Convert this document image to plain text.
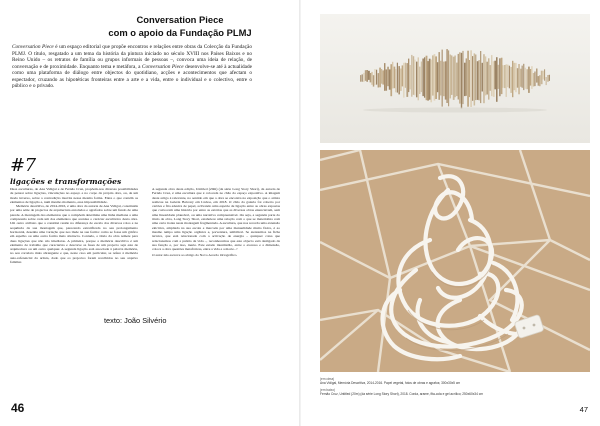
Conversation Piece
com o apoio da Fundação PLMJ
Conversation Piece é um espaço editorial que propõe encontros e relações entre obras da Colecção da Fundação PLMJ. O título, resgatado a um tema da história da pintura iniciado no século XVIII nos Países Baixos e no Reino Unido – os retratos de família ou grupos informais de pessoas –, convoca uma ideia de relação, de conversação e de proximidade. Enquanto tema e metáfora, a Conversation Piece desenvolve-se até à actualidade como uma plataforma de diálogo entre objectos do quotidiano, acções e acontecimentos que afectam o espectador, cruzando as hipotéticas fronteiras entre a arte e a vida, entre o individual e o colectivo, entre o público e o privado.
#7
ligações e transformações

Duas esculturas, de Ana Vidigal e de Fernão Cruz, propõem-nos diversas possibilidades de pensar sobre ligações, vinculações no espaço e no corpo da própria obra, ou, de um modo inverso, sobre a contradição inscrita nessa mesma forma. Entre o que contém os elementos de ligação e, num mesmo momento, essa impossibilidade.

Memória descritiva, de 2014-2016, é uma obra da autoria de Ana Vidigal, constituída por uma série de projectos de arquitectura enrolados e agrafados sobre um fundo de uma parede. A montagem dos elementos que a compõem determina uma linha mediana a uma compressão sobre cada um dos elementos que acentua o carácter escultórico desta obra. Um outro atributo que a constitui reside na diferença de escala dos diversos rolos e na sequência da sua montagem que, parecendo estratificada no seu prolongamento horizontal, desenha uma variação que nos ilude na sua forma: como se fosse um gráfico em espelho ou uma outra forma mais abstracta. Contudo, o título da obra remete para duas ligações que não são imediatas. A primeira, porque a memória descritiva é um elemento de trabalho que caracteriza e descreve as fases de um projecto seja este de arquitectura ou um outro qualquer. A segunda ligação está associada à palavra memória, no seu correlato mais abrangente e que, neste caso em particular, se refere à memória auto-referencial da artista, dado que os projectos foram recolhidos no seu arquivo familiar.

A segunda obra desta edição, Untitled (20m) (da série Long Story Short), da autoria de Fernão Cruz, é uma escultura que é colocada no chão do espaço expositivo. A imagem deste artigo é relevante, no sentido em que a obra se encontra na exposição que o artista realizou na Galeria Balcony em Lisboa, em 2018. O chão da galeria foi coberto por cartões e fita adesiva de papel, activando uma espécie de ligação entre as obras expostas que convocam uma história por entre as estórias que as diversas obras enunciavam, sem uma linearidade plausível, ou uma narrativa compreensível. Ou seja, a segunda parte do título da obra, Long Story Short, estabelece uma relação com o que se materializa com uma certa ironia nesta montagem fragmentada. A escultura, que nos recorda uma extensão eléctrica, ampliada na sua escala e marcada por uma manualidade muito física, é ao mesmo tempo uma ligação orgânica e, porventura, umbilical. Se atentarmos na ficha técnica, que está relacionada com a activação de energia – qualquer coisa que relacionamos com a pulsão da vida –, reconhecemos que este objecto está desligado da sua função e, por isso, inerte. Este estado intermédio, entre o excesso e a dimensão, coloca a obra questões metafóricas, entre a vida e a morte. //

O autor não escreve ao abrigo do Novo Acordo Ortográfico.

texto: João Silvério
46
(em cima)
Ana Vidigal, Memória Descritiva, 2014-2016. Papel vegetal, fotos de obras e agrafos; 300x30x5 cm
(em baixo)
Fernão Cruz, Untitled (20m) (da série Long Story Short), 2018. Corda, arame, fita-cola e gel acrílico; 250x60x34 cm
47
